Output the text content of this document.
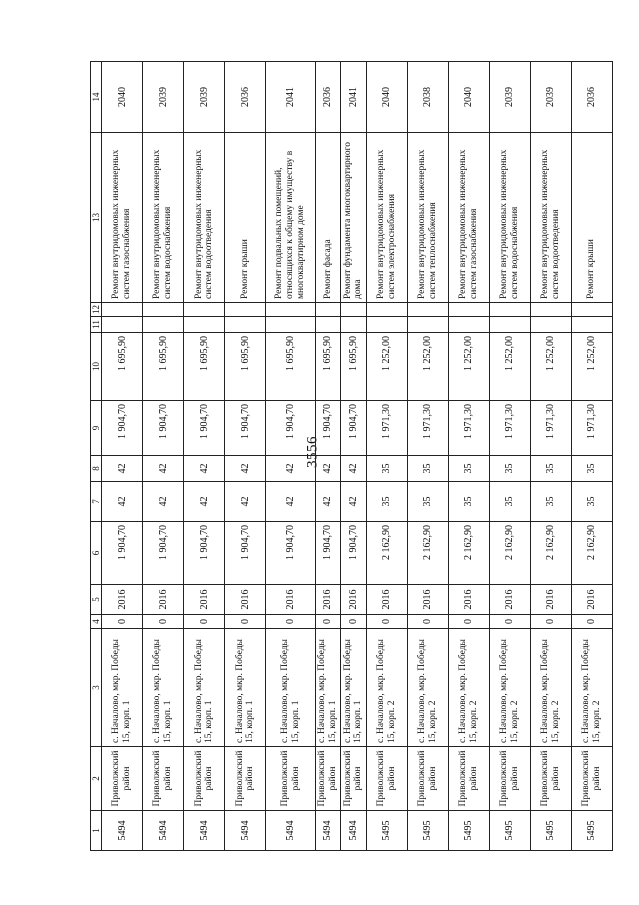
3556
1	2	3	4	5	6	7	8	9	10	11	12	13	14
5494	Приволжский район	с. Началово, мкр. Победы 15, корп. 1	0	2016	1 904,70	42	42	1 904,70	1 695,90			Ремонт внутридомовых инженерных систем газоснабжения	2040
5494	Приволжский район	с. Началово, мкр. Победы 15, корп. 1	0	2016	1 904,70	42	42	1 904,70	1 695,90			Ремонт внутридомовых инженерных систем водоснабжения	2039
5494	Приволжский район	с. Началово, мкр. Победы 15, корп. 1	0	2016	1 904,70	42	42	1 904,70	1 695,90			Ремонт внутридомовых инженерных систем водоотведения	2039
5494	Приволжский район	с. Началово, мкр. Победы 15, корп. 1	0	2016	1 904,70	42	42	1 904,70	1 695,90			Ремонт крыши	2036
5494	Приволжский район	с. Началово, мкр. Победы 15, корп. 1	0	2016	1 904,70	42	42	1 904,70	1 695,90			Ремонт подвальных помещений, относящихся к общему имуществу в многоквартирном доме	2041
5494	Приволжский район	с. Началово, мкр. Победы 15, корп. 1	0	2016	1 904,70	42	42	1 904,70	1 695,90			Ремонт фасада	2036
5494	Приволжский район	с. Началово, мкр. Победы 15, корп. 1	0	2016	1 904,70	42	42	1 904,70	1 695,90			Ремонт фундамента многоквартирного дома	2041
5495	Приволжский район	с. Началово, мкр. Победы 15, корп. 2	0	2016	2 162,90	35	35	1 971,30	1 252,00			Ремонт внутридомовых инженерных систем электроснабжения	2040
5495	Приволжский район	с. Началово, мкр. Победы 15, корп. 2	0	2016	2 162,90	35	35	1 971,30	1 252,00			Ремонт внутридомовых инженерных систем теплоснабжения	2038
5495	Приволжский район	с. Началово, мкр. Победы 15, корп. 2	0	2016	2 162,90	35	35	1 971,30	1 252,00			Ремонт внутридомовых инженерных систем газоснабжения	2040
5495	Приволжский район	с. Началово, мкр. Победы 15, корп. 2	0	2016	2 162,90	35	35	1 971,30	1 252,00			Ремонт внутридомовых инженерных систем водоснабжения	2039
5495	Приволжский район	с. Началово, мкр. Победы 15, корп. 2	0	2016	2 162,90	35	35	1 971,30	1 252,00			Ремонт внутридомовых инженерных систем водоотведения	2039
5495	Приволжский район	с. Началово, мкр. Победы 15, корп. 2	0	2016	2 162,90	35	35	1 971,30	1 252,00			Ремонт крыши	2036
